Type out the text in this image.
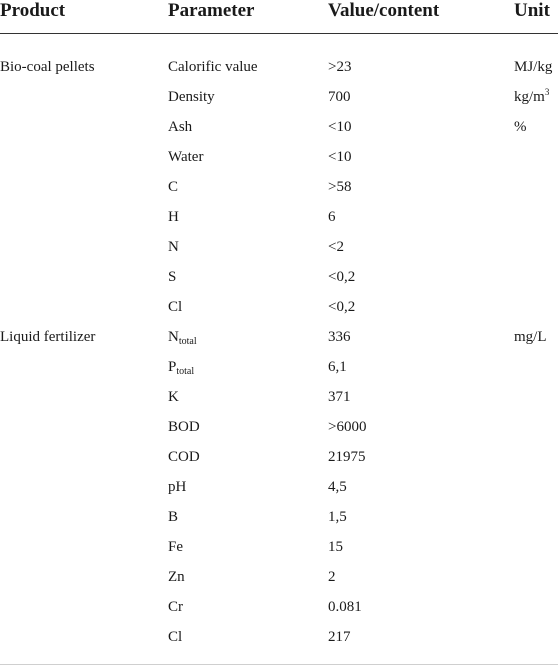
Product	Parameter	Value/content	Unit
Bio-coal pellets	Calorific value	>23	MJ/kg
	Density	700	$kg/m^3$
	Ash	<10	%
	Water	<10	
	C	>58	
	H	6	
	N	<2	
	S	<0,2	
	Cl	<0,2	
Liquid fertilizer	$N_{total}$	336	mg/L
	$P_{total}$	6,1	
	K	371	
	BOD	>6000	
	COD	21975	
	pH	4,5	
	B	1,5	
	Fe	15	
	Zn	2	
	Cr	0.081	
	Cl	217	
